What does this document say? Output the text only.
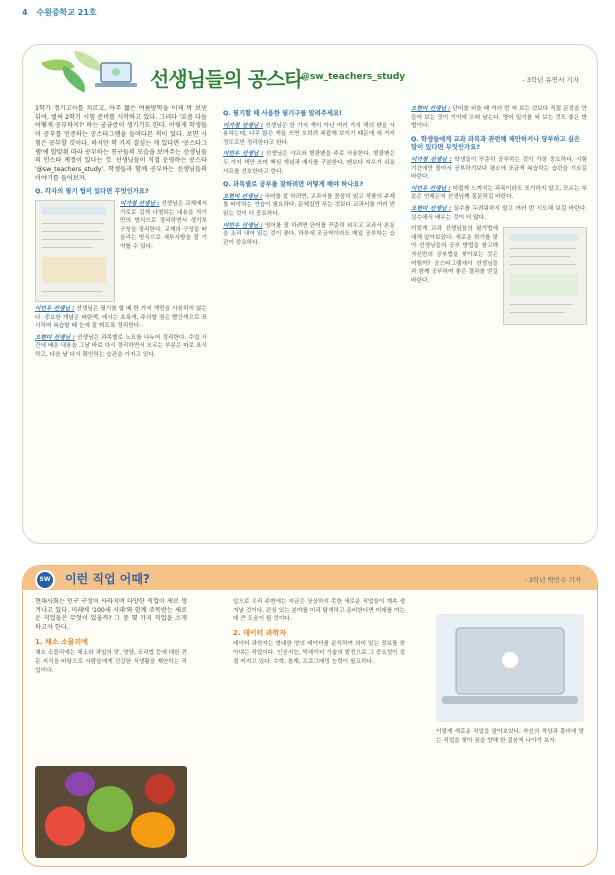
4 수원중학교 21호
선생님들의 공스타
@sw_teachers_study	- 3학년 유연서 기자

1학기 정기고사를 치르고, 아주 짧은 여름방학을 이제 막 보낸 뒤여, 벌써 2학기 시험 준비를 시작하고 있다. 그러다 '요즘 다들 어떻게 공부하지?' 하는 궁금증이 생기기도 한다. 이렇게 학생들이 공부를 인증하는 공스타그램을 들여다본 적이 있다. 보면 시험은 공부할 것이다. 하지만 학 가지 결심는 게 있다면 '공스타그램'에 발맞춰 따라 공부하는 친구들의 모습을 보여주는 선생님들의 인스타 계정이 있다는 것. 선생님들이 직접 운영하는 공스타 '@sw_teachers_study'. 학생들과 함께 공부하는 선생님들의 이야기를 들어보자.

Q. 각자의 필기 팁이 있다면 무엇인가요?

이가정 선생님 : 선생님은 교재에서 가로로 길게 나열되는 내용을 자기만의 방식으로 정리하면서 생기부 구성을 정리한다. 교재의 구성을 떠올리는 방식으로 세부사항을 잘 기억할 수 있다.

이민우 선생님 : 선생님은 필기를 할 때 한 가지 색만을 사용하지 않는다. 중요한 개념은 파란색, 예시는 초록색, 주의할 점은 빨간색으로 표시하며 복습할 때 눈에 잘 띄도록 정리한다.

오현미 선생님 : 선생님은 과목별로 노트를 나누어 정리한다. 수업 시간에 배운 내용을 그날 바로 다시 정리하면서 모르는 부분은 따로 표시하고, 다음 날 다시 확인하는 습관을 가지고 있다.

Q. 필기할 때 사용한 필기구를 알려주세요!

이가정 선생님 : 선생님은 한 가지 색이 아닌 여러 가지 색의 펜을 사용하는데, 너무 많은 색을 쓰면 오히려 복잡해 보이기 때문에 세 가지 정도로만 정리한다고 한다.

이민우 선생님 : 선생님은 샤프와 형광펜을 주로 사용한다. 형광펜은 두 가지 색만 쓰며 핵심 개념과 예시를 구분한다. 펜보다 지우기 쉬운 샤프를 선호한다고 한다.

Q. 과목별로 공부를 잘하려면 어떻게 해야 하나요?

오현미 선생님 : 국어를 잘 하려면, 교과서를 꼼꼼히 읽고 작품의 주제를 파악하는 연습이 필요하다. 문제집만 푸는 것보다 교과서를 여러 번 읽는 것이 더 중요하다.

이민우 선생님 : 영어를 잘 하려면 단어를 꾸준히 외우고 교과서 본문을 소리 내어 읽는 것이 좋다. 하루에 조금씩이라도 매일 공부하는 습관이 중요하다.

오현미 선생님 : 단어를 외울 때 여러 번 써 보는 것보다 직접 문장을 만들어 보는 것이 기억에 오래 남는다. 영어 일기를 써 보는 것도 좋은 방법이다.

Q. 학생들에게 교과 과목과 관련해 제안하거나 당부하고 싶은 말이 있다면 무엇인가요?

이가정 선생님 : 학생들이 꾸준히 공부하는 것이 가장 중요하다. 시험 기간에만 몰아서 공부하기보다 평소에 조금씩 복습하는 습관을 기르길 바란다.

이민우 선생님 : 어렵게 느껴지는 과목이라도 포기하지 말고, 모르는 부분은 언제든지 선생님께 질문하길 바란다.

오현미 선생님 : 실수를 두려워하지 말고 여러 번 시도해 보길 바란다. 실수에서 배우는 것이 더 많다.

이렇게 교과 선생님들의 필기법에 대해 알아보았다. 새로운 학기를 맞아 선생님들의 공부 방법을 참고해 자신만의 공부법을 찾아보는 것은 어떨까? 공스타그램에서 선생님들과 함께 공부하며 좋은 결과를 얻길 바란다.

SW	이런 직업 어때?	- 3학년 박민수 기자

현대사회는 인구 구성이 사라지며 다양한 직업이 새로 생겨나고 있다. 미래에 '100세 시대'와 함께 주목받는 새로운 직업들은 무엇이 있을까? 그 중 몇 가지 직업을 소개하고자 한다.

1. 채소 소믈리에

채소 소믈리에는 채소와 과일의 맛, 영양, 조리법 등에 대한 전문 지식을 바탕으로 사람들에게 건강한 식생활을 제안하는 직업이다.

앞으로 우리 주변에는 지금은 상상하지 못한 새로운 직업들이 계속 생겨날 것이다. 관심 있는 분야를 미리 탐색하고 준비한다면 미래를 여는 데 큰 도움이 될 것이다.

2. 데이터 과학자

데이터 과학자는 방대한 양의 데이터를 분석하여 의미 있는 정보를 찾아내는 직업이다. 인공지능, 빅데이터 기술의 발전으로 그 중요성이 점점 커지고 있다. 수학, 통계, 프로그래밍 능력이 필요하다.

이렇게 새로운 직업을 알아보았다. 자신의 적성과 흥미에 맞는 직업을 찾아 꿈을 향해 한 걸음씩 나아가 보자.
